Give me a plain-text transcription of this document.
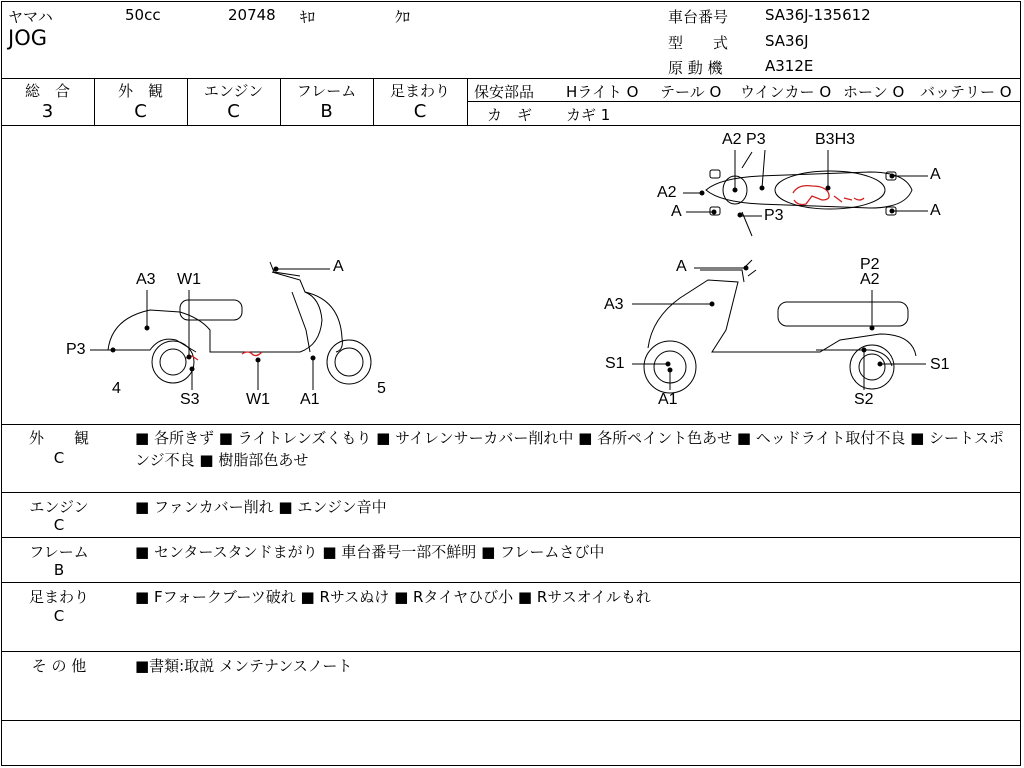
ヤマハ	50cc	20748 ｷﾛ	ｸﾛ
JOG
車台番号 SA36J-135612
型　　式 SA36J
原 動 機	A312E
総　合
3
外　観
C
エンジン
C
フレーム
B
足まわり
C
保安部品 Hライト O テール O ウインカー O ホーン O バッテリー O
カ　ギ カギ 1
A2 P3	B3H3
A
A2
A	P3	A
A
A3 W1
P3
4
S3	W1 A1
5
A	P2
A2
A3
S1	S1
A1	S2
外　　観
C
■ 各所きず ■ ライトレンズくもり ■ サイレンサーカバー削れ中 ■ 各所ペイント色あせ ■ ヘッドライト取付不良 ■ シートスポンジ不良 ■ 樹脂部色あせ
エンジン
C
■ ファンカバー削れ ■ エンジン音中
フレーム
B
■ センタースタンドまがり ■ 車台番号一部不鮮明 ■ フレームさび中
足まわり
C
■ Fフォークブーツ破れ ■ Rサスぬけ ■ Rタイヤひび小 ■ Rサスオイルもれ
そ の 他	■書類:取説 メンテナンスノート
